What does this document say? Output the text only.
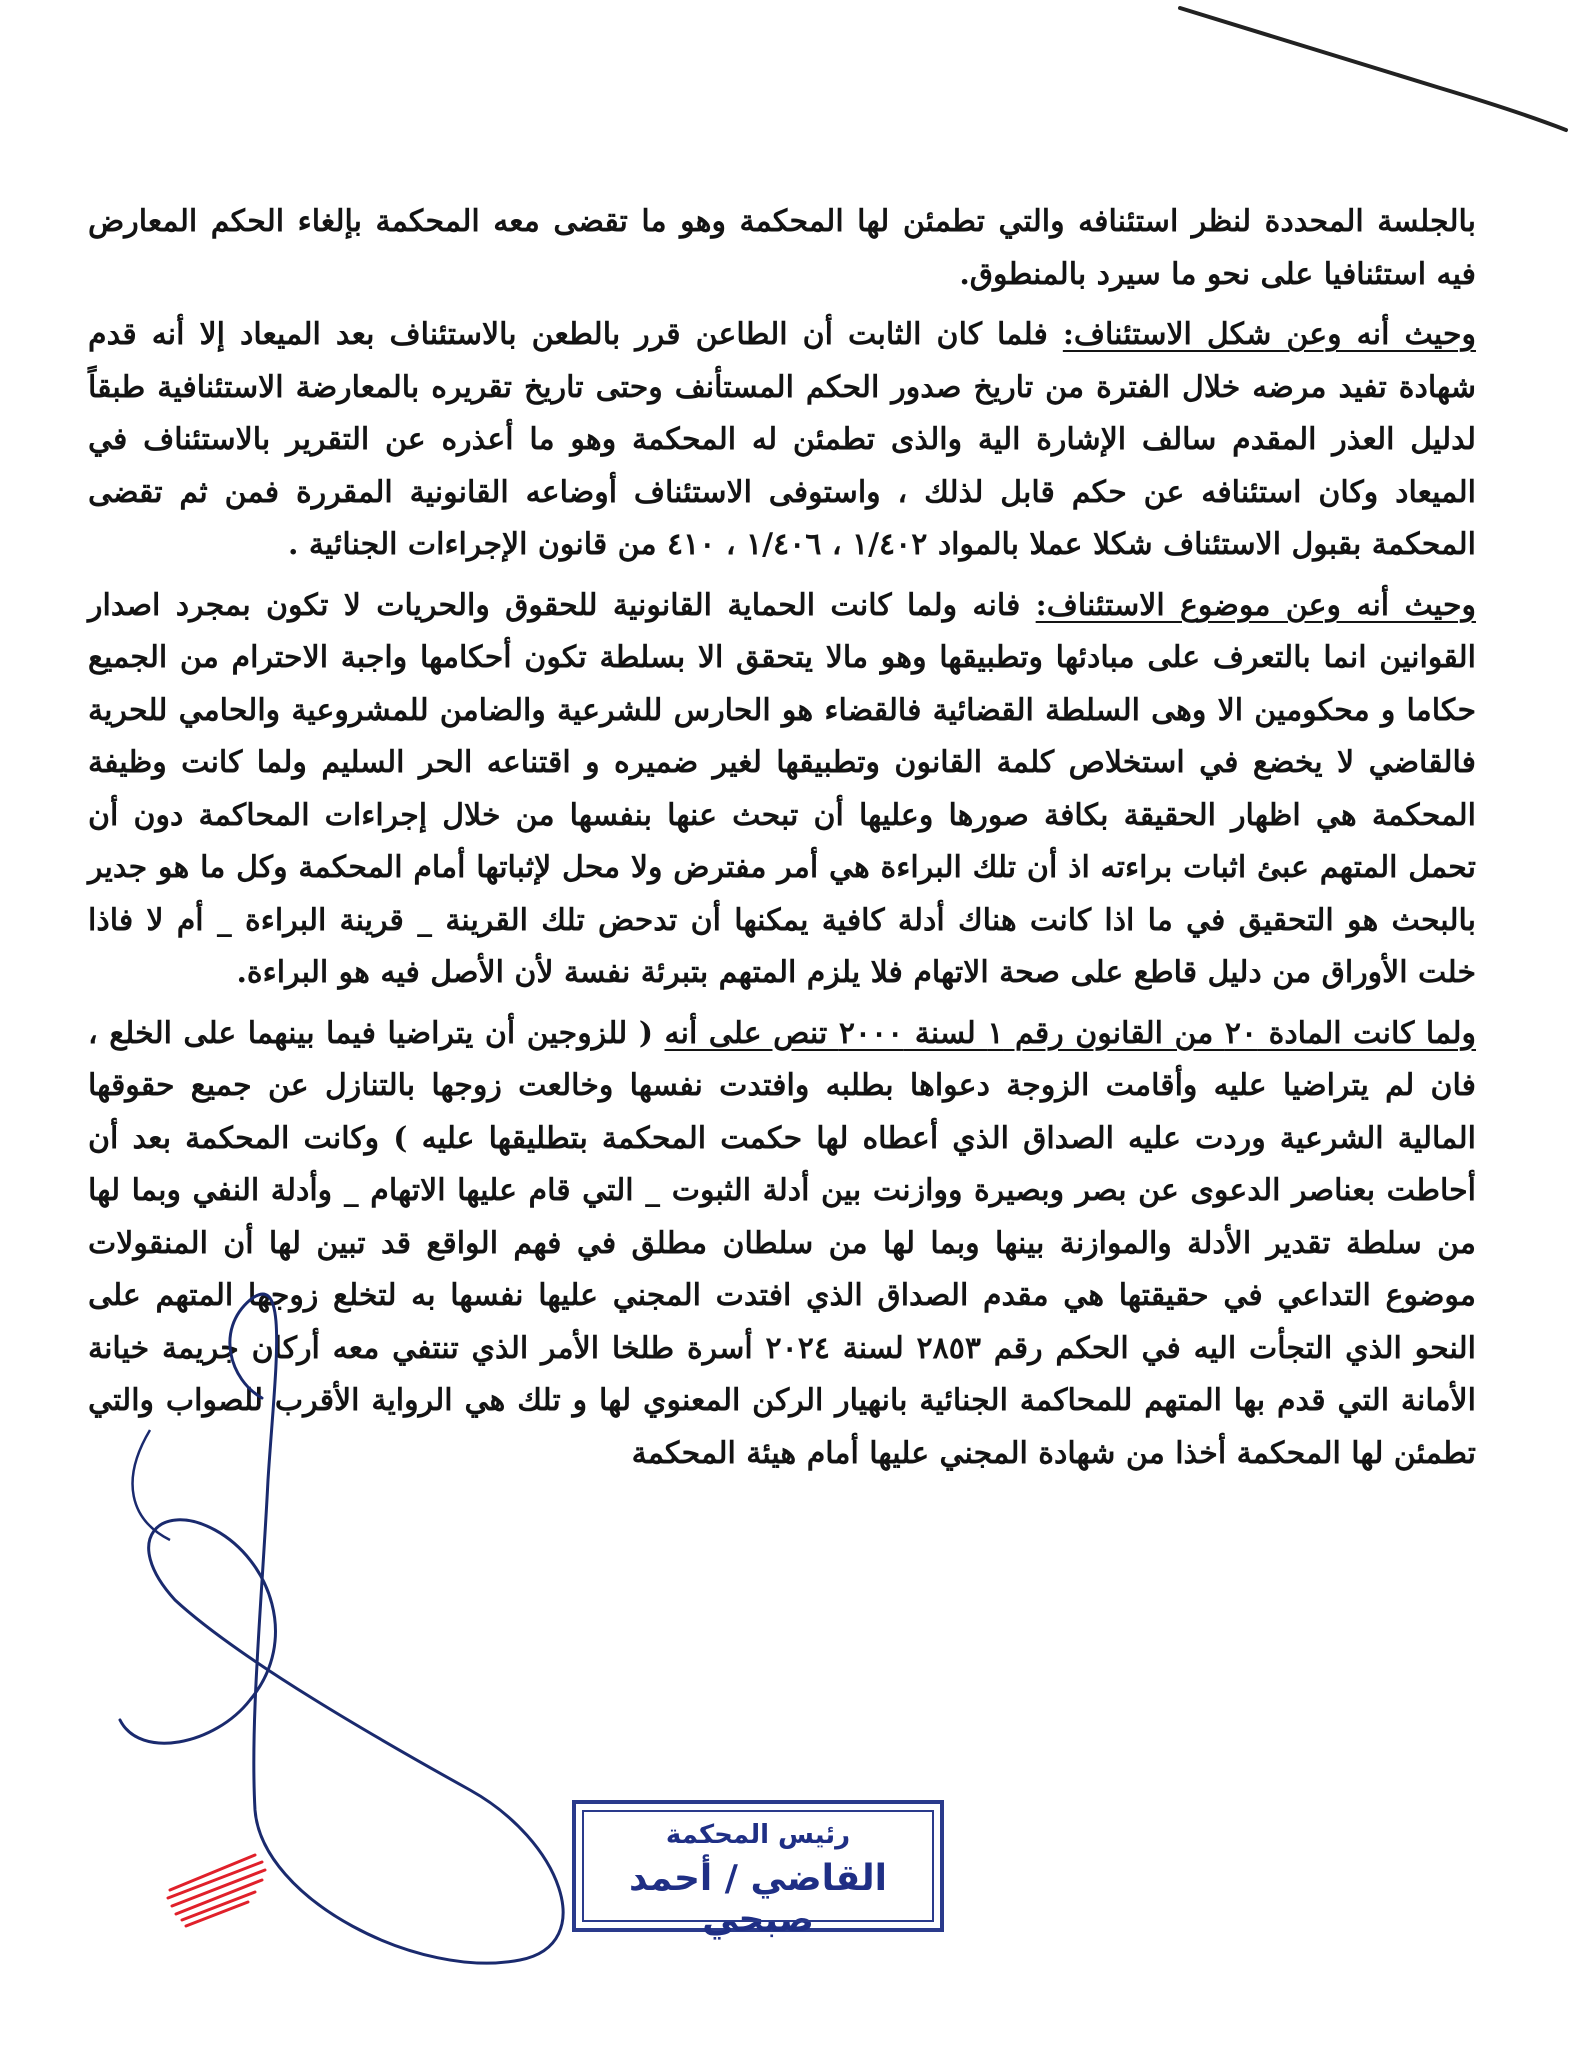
بالجلسة المحددة لنظر استئنافه والتي تطمئن لها المحكمة وهو ما تقضى معه المحكمة بإلغاء الحكم المعارض فيه استئنافيا على نحو ما سيرد بالمنطوق.

وحيث أنه وعن شكل الاستئناف: فلما كان الثابت أن الطاعن قرر بالطعن بالاستئناف بعد الميعاد إلا أنه قدم شهادة تفيد مرضه خلال الفترة من تاريخ صدور الحكم المستأنف وحتى تاريخ تقريره بالمعارضة الاستئنافية طبقاً لدليل العذر المقدم سالف الإشارة الية والذى تطمئن له المحكمة وهو ما أعذره عن التقرير بالاستئناف في الميعاد وكان استئنافه عن حكم قابل لذلك ، واستوفى الاستئناف أوضاعه القانونية المقررة فمن ثم تقضى المحكمة بقبول الاستئناف شكلا عملا بالمواد ١/٤٠٢ ، ١/٤٠٦ ، ٤١٠ من قانون الإجراءات الجنائية .

وحيث أنه وعن موضوع الاستئناف: فانه ولما كانت الحماية القانونية للحقوق والحريات لا تكون بمجرد اصدار القوانين انما بالتعرف على مبادئها وتطبيقها وهو مالا يتحقق الا بسلطة تكون أحكامها واجبة الاحترام من الجميع حكاما و محكومين الا وهى السلطة القضائية فالقضاء هو الحارس للشرعية والضامن للمشروعية والحامي للحرية فالقاضي لا يخضع في استخلاص كلمة القانون وتطبيقها لغير ضميره و اقتناعه الحر السليم ولما كانت وظيفة المحكمة هي اظهار الحقيقة بكافة صورها وعليها أن تبحث عنها بنفسها من خلال إجراءات المحاكمة دون أن تحمل المتهم عبئ اثبات براءته اذ أن تلك البراءة هي أمر مفترض ولا محل لإثباتها أمام المحكمة وكل ما هو جدير بالبحث هو التحقيق في ما اذا كانت هناك أدلة كافية يمكنها أن تدحض تلك القرينة _ قرينة البراءة _ أم لا فاذا خلت الأوراق من دليل قاطع على صحة الاتهام فلا يلزم المتهم بتبرئة نفسة لأن الأصل فيه هو البراءة.

ولما كانت المادة ٢٠ من القانون رقم ١ لسنة ٢٠٠٠ تنص على أنه ( للزوجين أن يتراضيا فيما بينهما على الخلع ، فان لم يتراضيا عليه وأقامت الزوجة دعواها بطلبه وافتدت نفسها وخالعت زوجها بالتنازل عن جميع حقوقها المالية الشرعية وردت عليه الصداق الذي أعطاه لها حكمت المحكمة بتطليقها عليه ) وكانت المحكمة بعد أن أحاطت بعناصر الدعوى عن بصر وبصيرة ووازنت بين أدلة الثبوت _ التي قام عليها الاتهام _ وأدلة النفي وبما لها من سلطة تقدير الأدلة والموازنة بينها وبما لها من سلطان مطلق في فهم الواقع قد تبين لها أن المنقولات موضوع التداعي في حقيقتها هي مقدم الصداق الذي افتدت المجني عليها نفسها به لتخلع زوجها المتهم على النحو الذي التجأت اليه في الحكم رقم ٢٨٥٣ لسنة ٢٠٢٤ أسرة طلخا الأمر الذي تنتفي معه أركان جريمة خيانة الأمانة التي قدم بها المتهم للمحاكمة الجنائية بانهيار الركن المعنوي لها و تلك هي الرواية الأقرب للصواب والتي تطمئن لها المحكمة أخذا من شهادة المجني عليها أمام هيئة المحكمة

رئيس المحكمة
القاضي / أحمد صبحي
